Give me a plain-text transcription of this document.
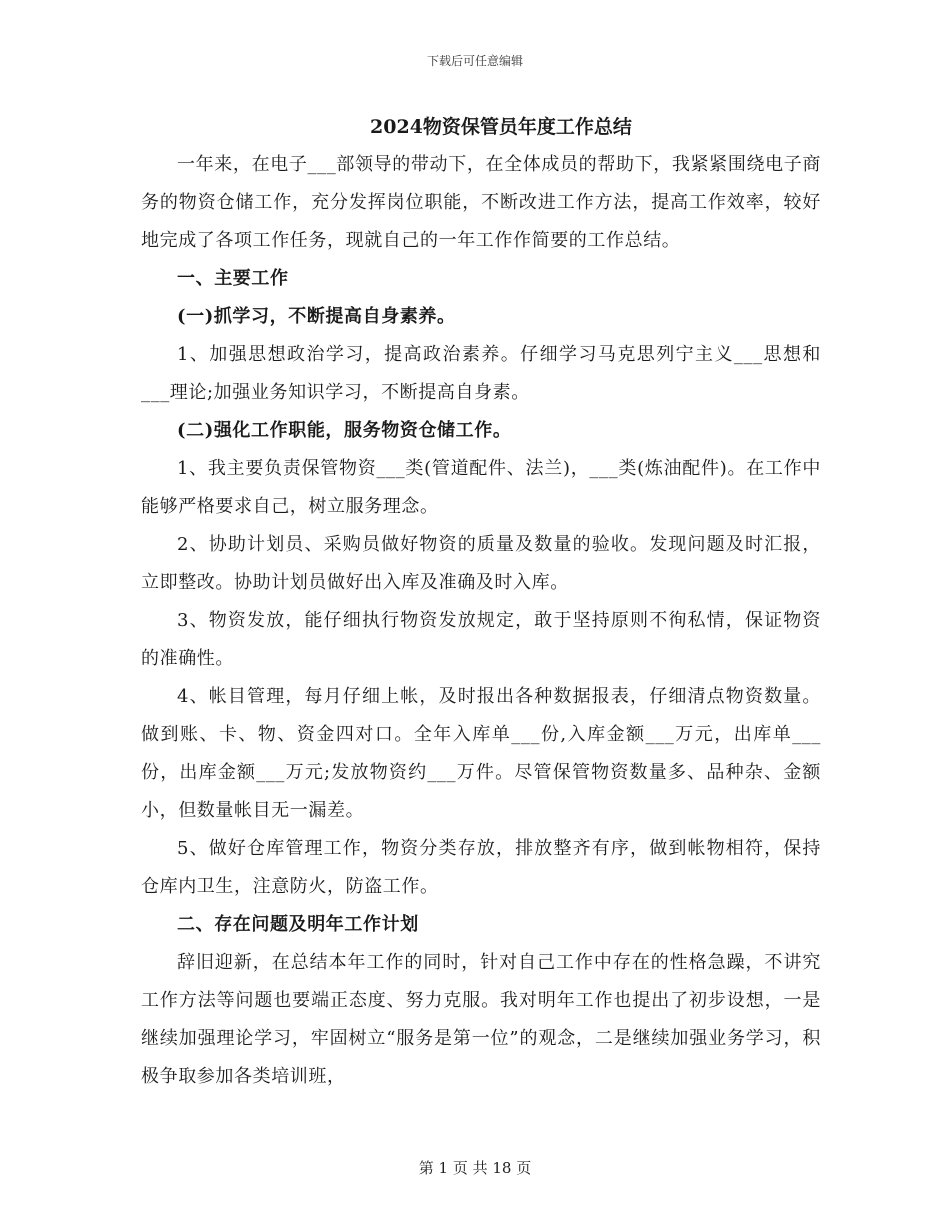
下载后可任意编辑

2024物资保管员年度工作总结

一年来，在电子___部领导的带动下，在全体成员的帮助下，我紧紧围绕电子商务的物资仓储工作，充分发挥岗位职能，不断改进工作方法，提高工作效率，较好地完成了各项工作任务，现就自己的一年工作作简要的工作总结。

一、主要工作

(一)抓学习，不断提高自身素养。

1、加强思想政治学习，提高政治素养。仔细学习马克思列宁主义___思想和___理论;加强业务知识学习，不断提高自身素。

(二)强化工作职能，服务物资仓储工作。

1、我主要负责保管物资___类(管道配件、法兰)，___类(炼油配件)。在工作中能够严格要求自己，树立服务理念。

2、协助计划员、采购员做好物资的质量及数量的验收。发现问题及时汇报，立即整改。协助计划员做好出入库及准确及时入库。

3、物资发放，能仔细执行物资发放规定，敢于坚持原则不徇私情，保证物资的准确性。

4、帐目管理，每月仔细上帐，及时报出各种数据报表，仔细清点物资数量。做到账、卡、物、资金四对口。全年入库单___份,入库金额___万元，出库单___份，出库金额___万元;发放物资约___万件。尽管保管物资数量多、品种杂、金额小，但数量帐目无一漏差。

5、做好仓库管理工作，物资分类存放，排放整齐有序，做到帐物相符，保持仓库内卫生，注意防火，防盗工作。

二、存在问题及明年工作计划

辞旧迎新，在总结本年工作的同时，针对自己工作中存在的性格急躁，不讲究工作方法等问题也要端正态度、努力克服。我对明年工作也提出了初步设想，一是继续加强理论学习，牢固树立“服务是第一位”的观念，二是继续加强业务学习，积极争取参加各类培训班，

第 1 页 共 18 页
